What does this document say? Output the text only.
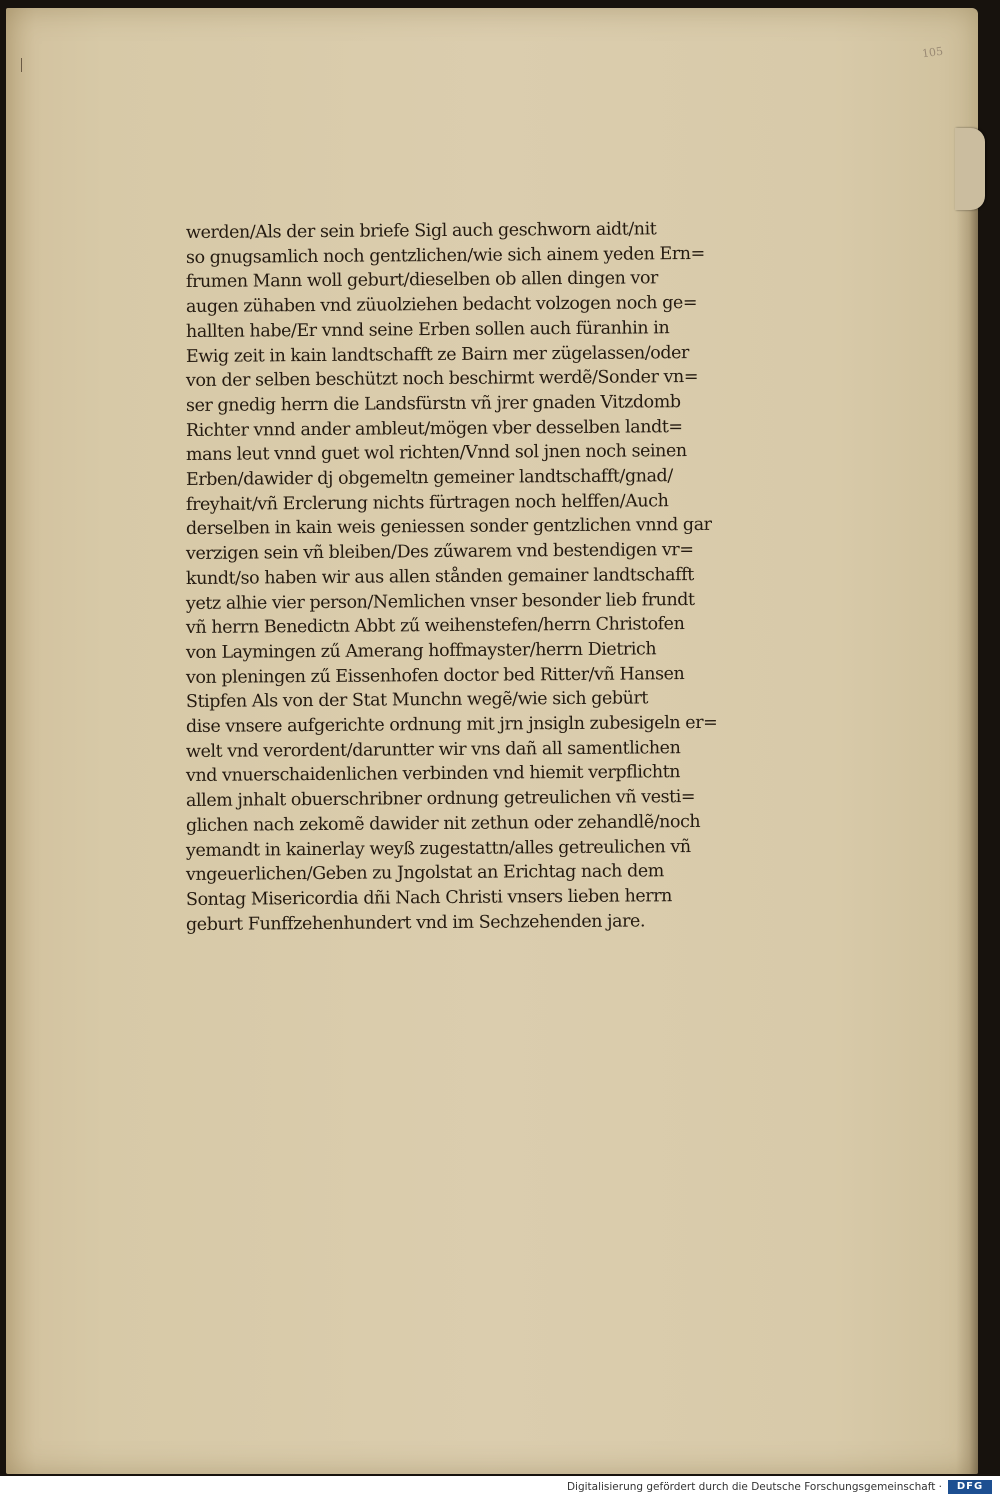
105
werden/Als der sein briefe Sigl auch geschworn aidt/nit
so gnugsamlich noch gentzlichen/wie sich ainem yeden Ern=
frumen Mann woll geburt/dieselben ob allen dingen vor
augen zühaben vnd züuolziehen bedacht volzogen noch ge=
hallten habe/Er vnnd seine Erben sollen auch füranhin in
Ewig zeit in kain landtschafft ze Bairn mer zügelassen/oder
von der selben beschützt noch beschirmt werdẽ/Sonder vn=
ser gnedig herrn die Landsfürstn vñ jrer gnaden Vitzdomb
Richter vnnd ander ambleut/mögen vber desselben landt=
mans leut vnnd guet wol richten/Vnnd sol jnen noch seinen
Erben/dawider dj obgemeltn gemeiner landtschafft/gnad/
freyhait/vñ Erclerung nichts fürtragen noch helffen/Auch
derselben in kain weis geniessen sonder gentzlichen vnnd gar
verzigen sein vñ bleiben/Des zűwarem vnd bestendigen vr=
kundt/so haben wir aus allen stånden gemainer landtschafft
yetz alhie vier person/Nemlichen vnser besonder lieb frundt
vñ herrn Benedictn Abbt zű weihenstefen/herrn Christofen
von Laymingen zű Amerang hoffmayster/herrn Dietrich
von pleningen zű Eissenhofen doctor bed Ritter/vñ Hansen
Stipfen Als von der Stat Munchn wegẽ/wie sich gebürt
dise vnsere aufgerichte ordnung mit jrn jnsigln zubesigeln er=
welt vnd verordent/daruntter wir vns dañ all samentlichen
vnd vnuerschaidenlichen verbinden vnd hiemit verpflichtn
allem jnhalt obuerschribner ordnung getreulichen vñ vesti=
glichen nach zekomẽ dawider nit zethun oder zehandlẽ/noch
yemandt in kainerlay weyß zugestattn/alles getreulichen vñ
vngeuerlichen/Geben zu Jngolstat an Erichtag nach dem
Sontag Misericordia dñi Nach Christi vnsers lieben herrn
geburt Funffzehenhundert vnd im Sechzehenden jare.
Digitalisierung gefördert durch die Deutsche Forschungsgemeinschaft ·	DFG
